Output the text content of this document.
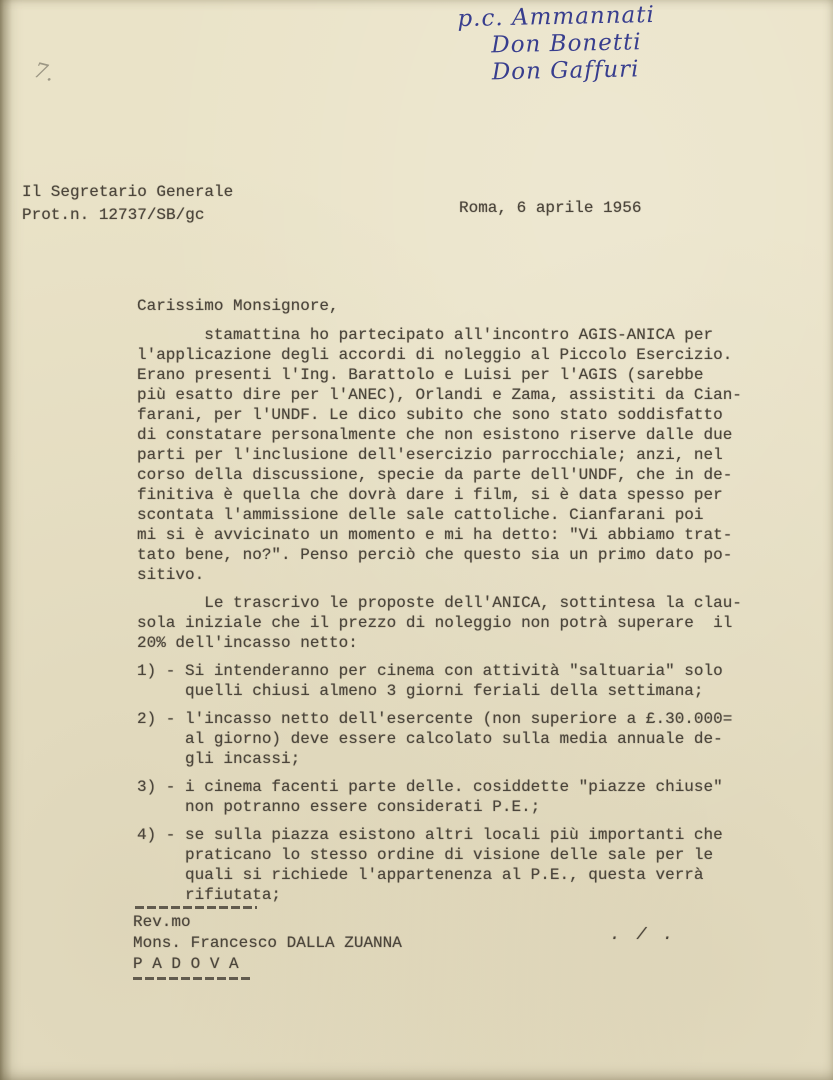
7.
p.c. Ammannati
Don Bonetti
Don Gaffuri
Il Segretario Generale
Prot.n. 12737/SB/gc	Roma, 6 aprile 1956
Carissimo Monsignore,
stamattina ho partecipato all'incontro AGIS-ANICA per
l'applicazione degli accordi di noleggio al Piccolo Esercizio.
Erano presenti l'Ing. Barattolo e Luisi per l'AGIS (sarebbe
più esatto dire per l'ANEC), Orlandi e Zama, assistiti da Cian-
farani, per l'UNDF. Le dico subito che sono stato soddisfatto
di constatare personalmente che non esistono riserve dalle due
parti per l'inclusione dell'esercizio parrocchiale; anzi, nel
corso della discussione, specie da parte dell'UNDF, che in de-
finitiva è quella che dovrà dare i film, si è data spesso per
scontata l'ammissione delle sale cattoliche. Cianfarani poi
mi si è avvicinato un momento e mi ha detto: "Vi abbiamo trat-
tato bene, no?". Penso perciò che questo sia un primo dato po-
sitivo.
Le trascrivo le proposte dell'ANICA, sottintesa la clau-
sola iniziale che il prezzo di noleggio non potrà superare  il
20% dell'incasso netto:
1) - Si intenderanno per cinema con attività "saltuaria" solo
quelli chiusi almeno 3 giorni feriali della settimana;
2) - l'incasso netto dell'esercente (non superiore a £.30.000=
al giorno) deve essere calcolato sulla media annuale de-
gli incassi;
3) - i cinema facenti parte delle. cosiddette "piazze chiuse"
non potranno essere considerati P.E.;
4) - se sulla piazza esistono altri locali più importanti che
praticano lo stesso ordine di visione delle sale per le
quali si richiede l'appartenenza al P.E., questa verrà
rifiutata;
Rev.mo
Mons. Francesco DALLA ZUANNA
P A D O V A
. / .
